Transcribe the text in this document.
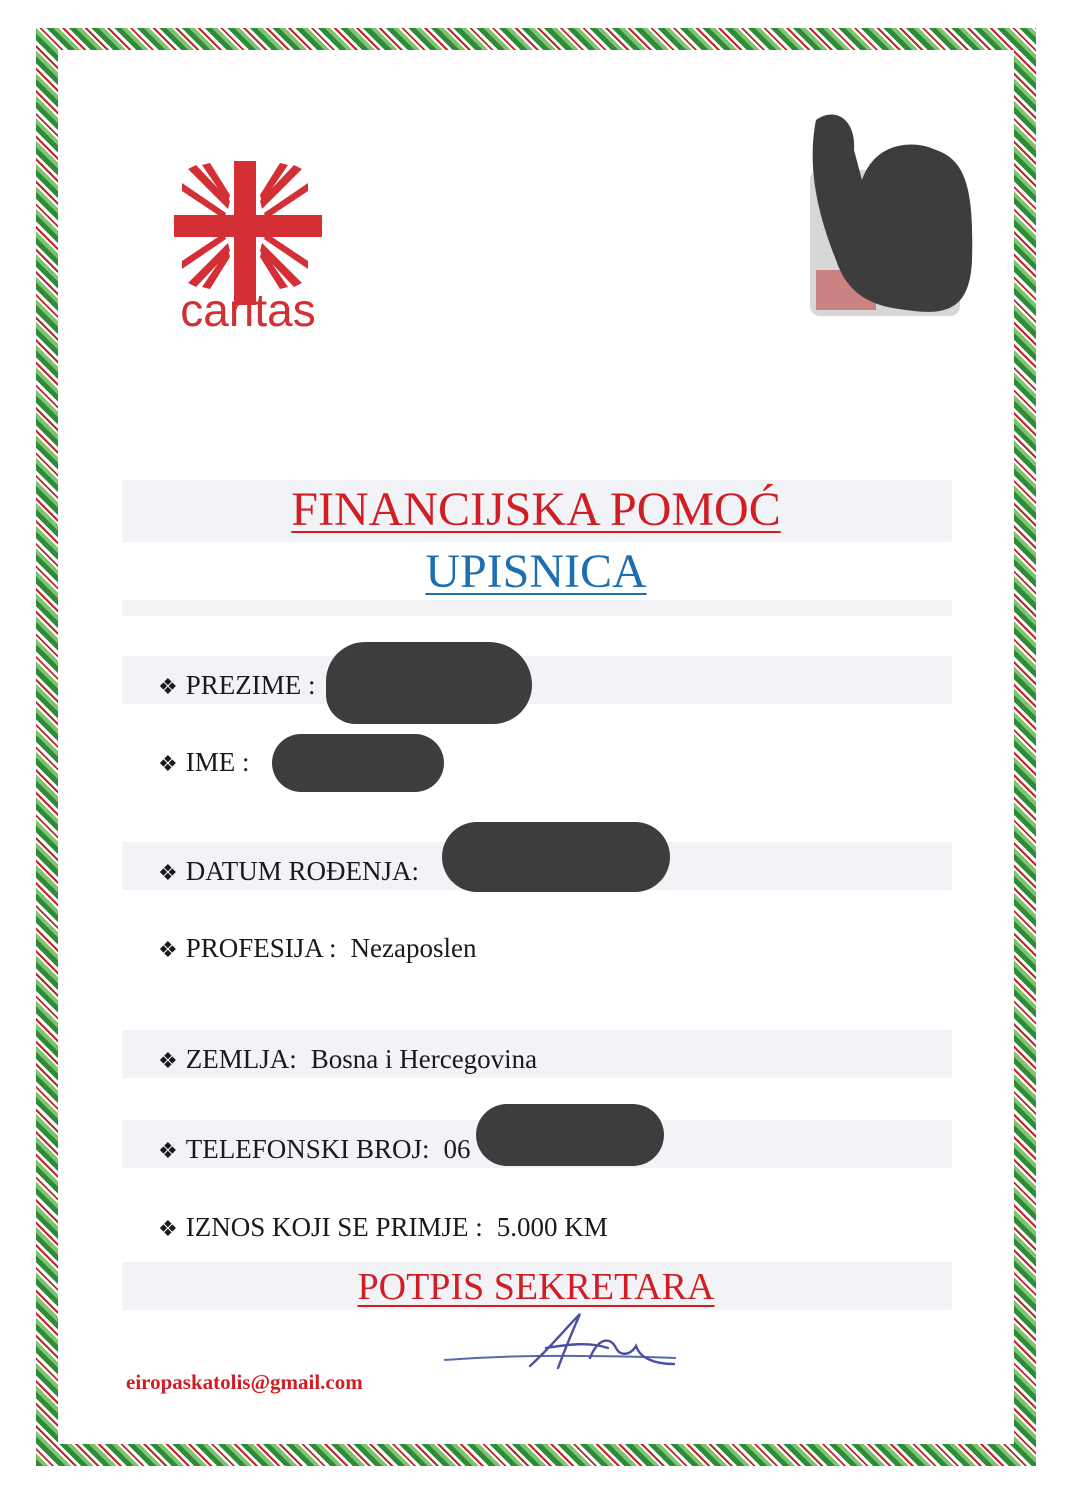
caritas
FINANCIJSKA POMOĆ
UPISNICA
❖ PREZIME :
❖ IME :
❖ DATUM ROĐENJA:
❖ PROFESIJA : Nezaposlen
❖ ZEMLJA: Bosna i Hercegovina
❖ TELEFONSKI BROJ: 06
❖ IZNOS KOJI SE PRIMJE : 5.000 KM
POTPIS SEKRETARA
eiropaskatolis@gmail.com
